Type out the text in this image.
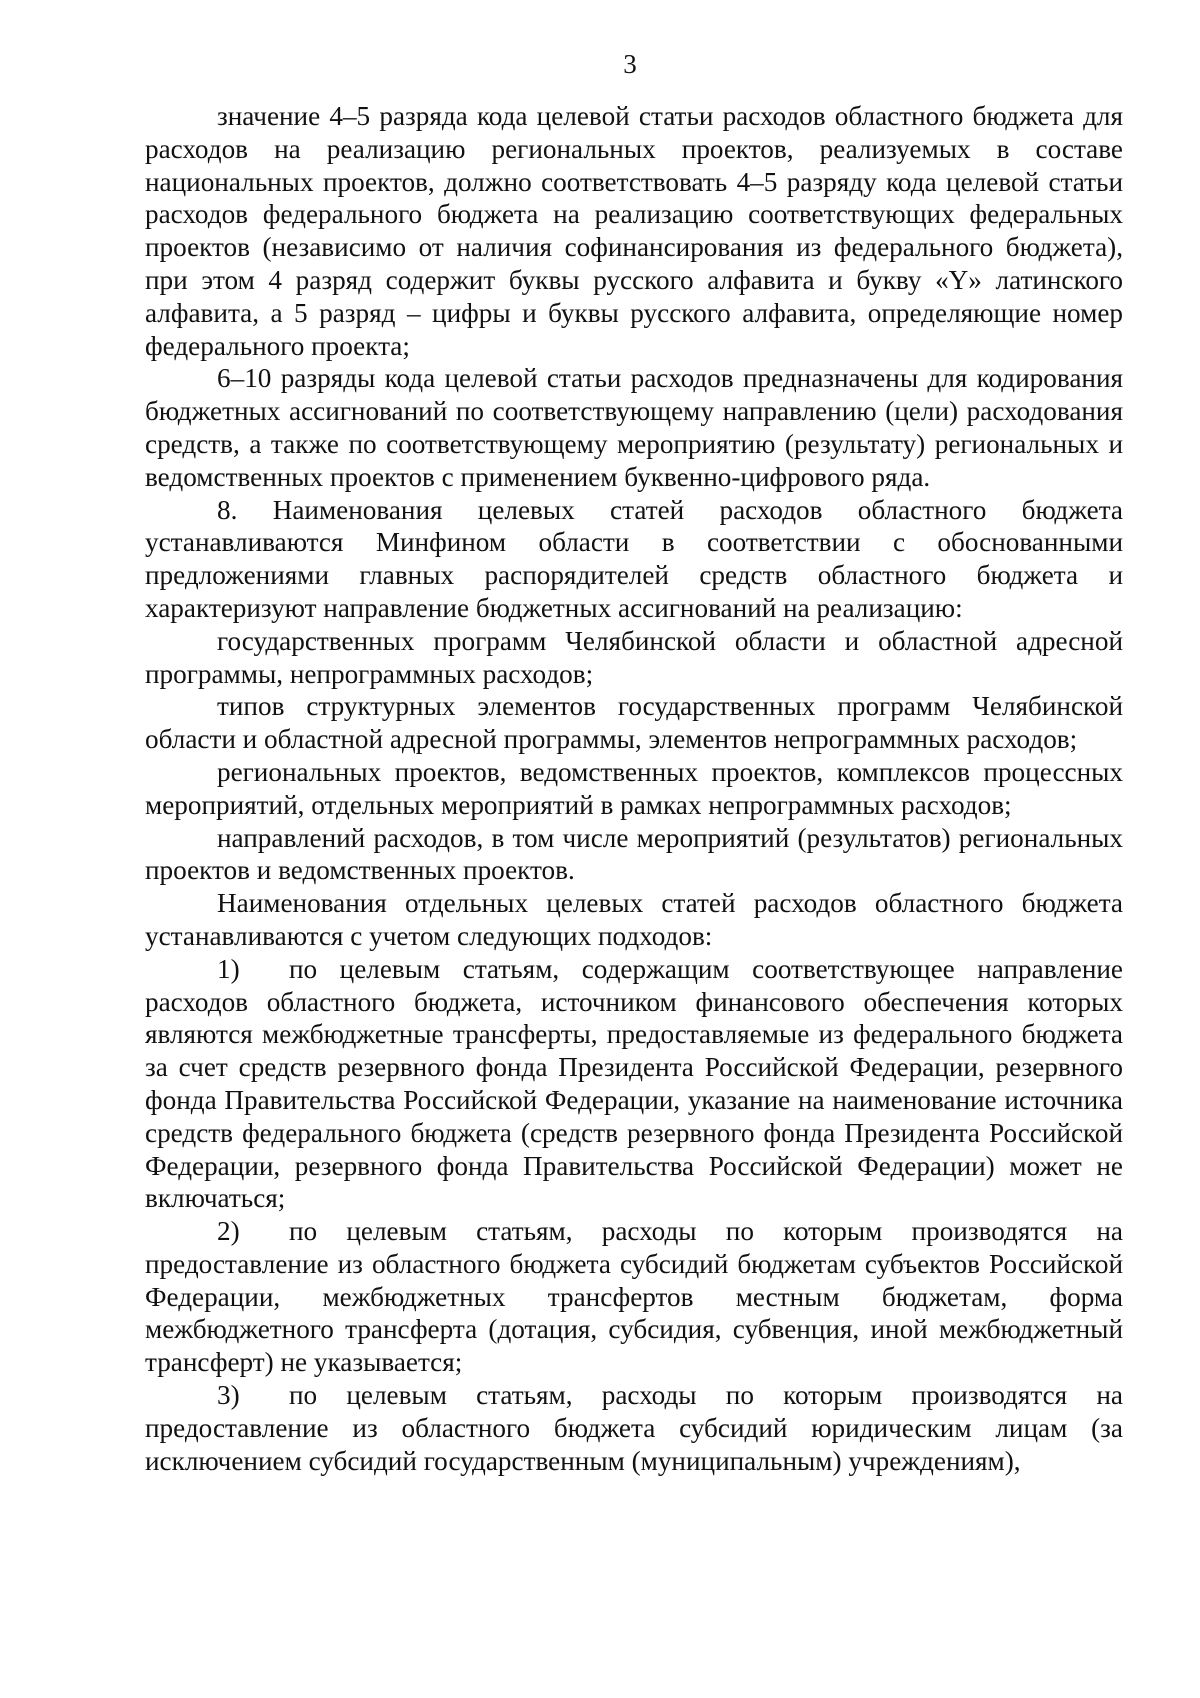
3

значение 4–5 разряда кода целевой статьи расходов областного бюджета для расходов на реализацию региональных проектов, реализуемых в составе национальных проектов, должно соответствовать 4–5 разряду кода целевой статьи расходов федерального бюджета на реализацию соответствующих федеральных проектов (независимо от наличия софинансирования из федерального бюджета), при этом 4 разряд содержит буквы русского алфавита и букву «Y» латинского алфавита, а 5 разряд – цифры и буквы русского алфавита, определяющие номер федерального проекта;

6–10 разряды кода целевой статьи расходов предназначены для кодирования бюджетных ассигнований по соответствующему направлению (цели) расходования средств, а также по соответствующему мероприятию (результату) региональных и ведомственных проектов с применением буквенно-цифрового ряда.

8. Наименования целевых статей расходов областного бюджета устанавливаются Минфином области в соответствии с обоснованными предложениями главных распорядителей средств областного бюджета и характеризуют направление бюджетных ассигнований на реализацию:

государственных программ Челябинской области и областной адресной программы, непрограммных расходов;

типов структурных элементов государственных программ Челябинской области и областной адресной программы, элементов непрограммных расходов;

региональных проектов, ведомственных проектов, комплексов процессных мероприятий, отдельных мероприятий в рамках непрограммных расходов;

направлений расходов, в том числе мероприятий (результатов) региональных проектов и ведомственных проектов.

Наименования отдельных целевых статей расходов областного бюджета устанавливаются с учетом следующих подходов:

1) по целевым статьям, содержащим соответствующее направление расходов областного бюджета, источником финансового обеспечения которых являются межбюджетные трансферты, предоставляемые из федерального бюджета за счет средств резервного фонда Президента Российской Федерации, резервного фонда Правительства Российской Федерации, указание на наименование источника средств федерального бюджета (средств резервного фонда Президента Российской Федерации, резервного фонда Правительства Российской Федерации) может не включаться;

2) по целевым статьям, расходы по которым производятся на предоставление из областного бюджета субсидий бюджетам субъектов Российской Федерации, межбюджетных трансфертов местным бюджетам, форма межбюджетного трансферта (дотация, субсидия, субвенция, иной межбюджетный трансферт) не указывается;

3) по целевым статьям, расходы по которым производятся на предоставление из областного бюджета субсидий юридическим лицам (за исключением субсидий государственным (муниципальным) учреждениям),
